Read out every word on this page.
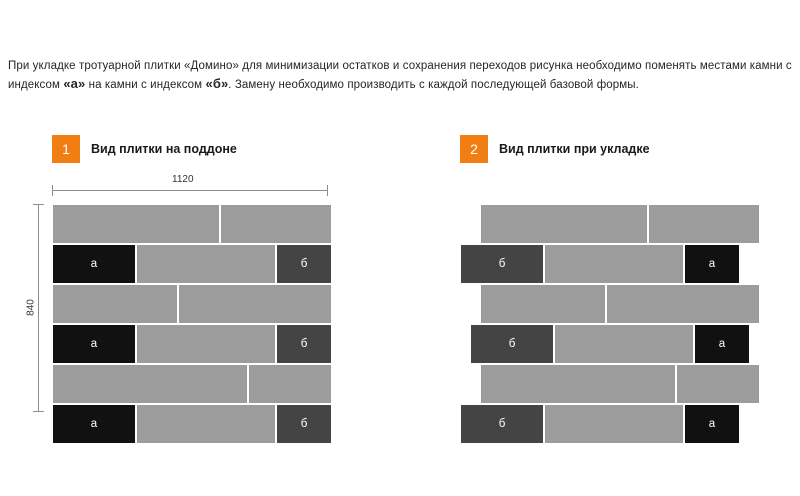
При укладке тротуарной плитки «Домино» для минимизации остатков и сохранения переходов рисунка необходимо поменять местами камни с индексом «а» на камни с индексом «б». Замену необходимо производить с каждой последующей базовой формы.
1	Вид плитки на поддоне	2	Вид плитки при укладке
1120
840
а	б
а	б
а	б
б	а
б	а
б	а
